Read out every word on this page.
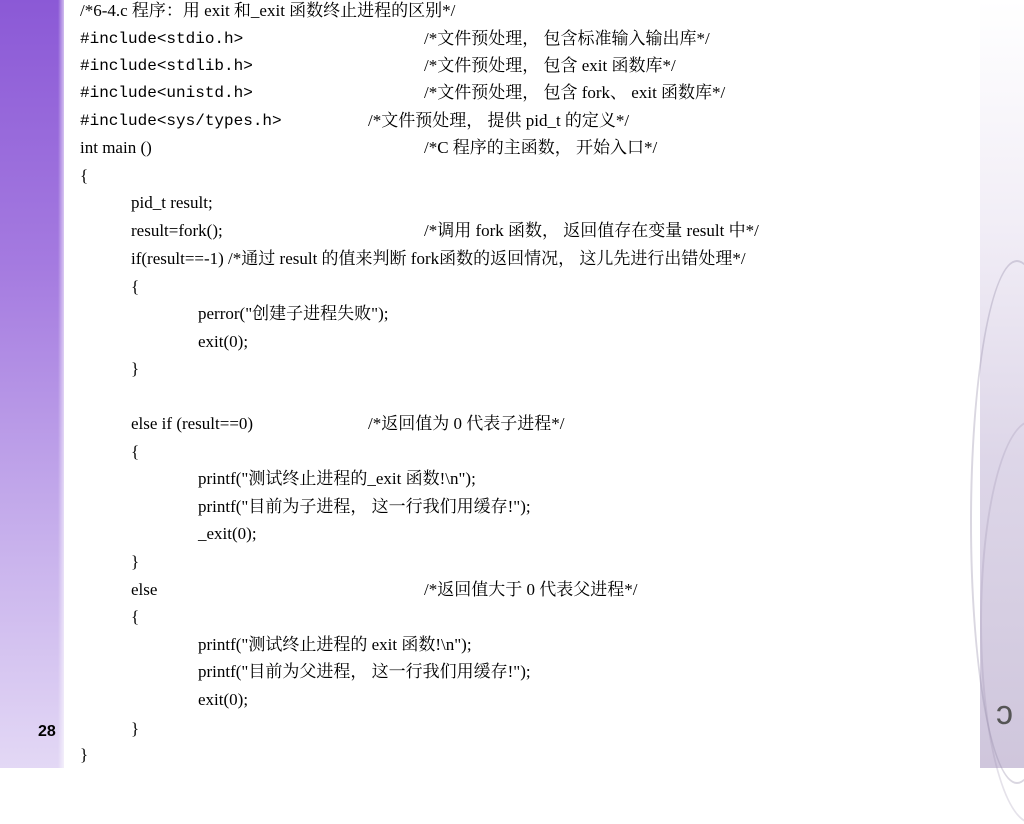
ɔ
/*6-4.c 程序：用 exit 和_exit 函数终止进程的区别*/
#include<stdio.h>	/*文件预处理， 包含标准输入输出库*/
#include<stdlib.h>	/*文件预处理， 包含 exit 函数库*/
#include<unistd.h>	/*文件预处理， 包含 fork、 exit 函数库*/
#include<sys/types.h>	/*文件预处理， 提供 pid_t 的定义*/
int main ()	/*C 程序的主函数， 开始入口*/
{
pid_t result;
result=fork();	/*调用 fork 函数， 返回值存在变量 result 中*/
if(result==-1) /*通过 result 的值来判断 fork函数的返回情况， 这儿先进行出错处理*/
{
perror("创建子进程失败");
exit(0);
}
else if (result==0)	/*返回值为 0 代表子进程*/
{
printf("测试终止进程的_exit 函数!\n");
printf("目前为子进程， 这一行我们用缓存!");
_exit(0);
}
else	/*返回值大于 0 代表父进程*/
{
printf("测试终止进程的 exit 函数!\n");
printf("目前为父进程， 这一行我们用缓存!");
exit(0);
}
}
28
